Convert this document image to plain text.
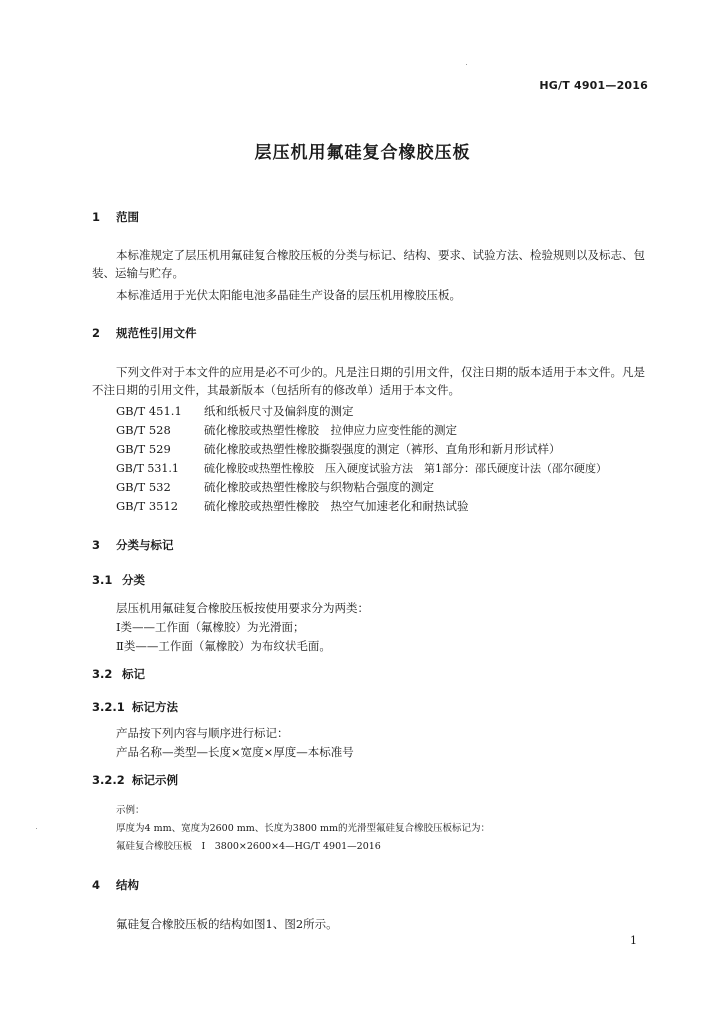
HG/T 4901—2016
层压机用氟硅复合橡胶压板
1 范围
本标准规定了层压机用氟硅复合橡胶压板的分类与标记、结构、要求、试验方法、检验规则以及标志、包装、运输与贮存。
本标准适用于光伏太阳能电池多晶硅生产设备的层压机用橡胶压板。
2 规范性引用文件
下列文件对于本文件的应用是必不可少的。凡是注日期的引用文件，仅注日期的版本适用于本文件。凡是不注日期的引用文件，其最新版本（包括所有的修改单）适用于本文件。
GB/T 451.1 纸和纸板尺寸及偏斜度的测定
GB/T 528	硫化橡胶或热塑性橡胶　拉伸应力应变性能的测定
GB/T 529	硫化橡胶或热塑性橡胶撕裂强度的测定（裤形、直角形和新月形试样）
GB/T 531.1 硫化橡胶或热塑性橡胶　压入硬度试验方法　第1部分：邵氏硬度计法（邵尔硬度）
GB/T 532	硫化橡胶或热塑性橡胶与织物粘合强度的测定
GB/T 3512 硫化橡胶或热塑性橡胶　热空气加速老化和耐热试验
3 分类与标记
3.1 分类
层压机用氟硅复合橡胶压板按使用要求分为两类：
Ⅰ类——工作面（氟橡胶）为光滑面；
Ⅱ类——工作面（氟橡胶）为布纹状毛面。
3.2 标记
3.2.1 标记方法
产品按下列内容与顺序进行标记：
产品名称—类型—长度×宽度×厚度—本标准号
3.2.2 标记示例
示例：
厚度为4 mm、宽度为2600 mm、长度为3800 mm的光滑型氟硅复合橡胶压板标记为：
氟硅复合橡胶压板　Ⅰ　3800×2600×4—HG/T 4901—2016
4 结构
氟硅复合橡胶压板的结构如图1、图2所示。
1
